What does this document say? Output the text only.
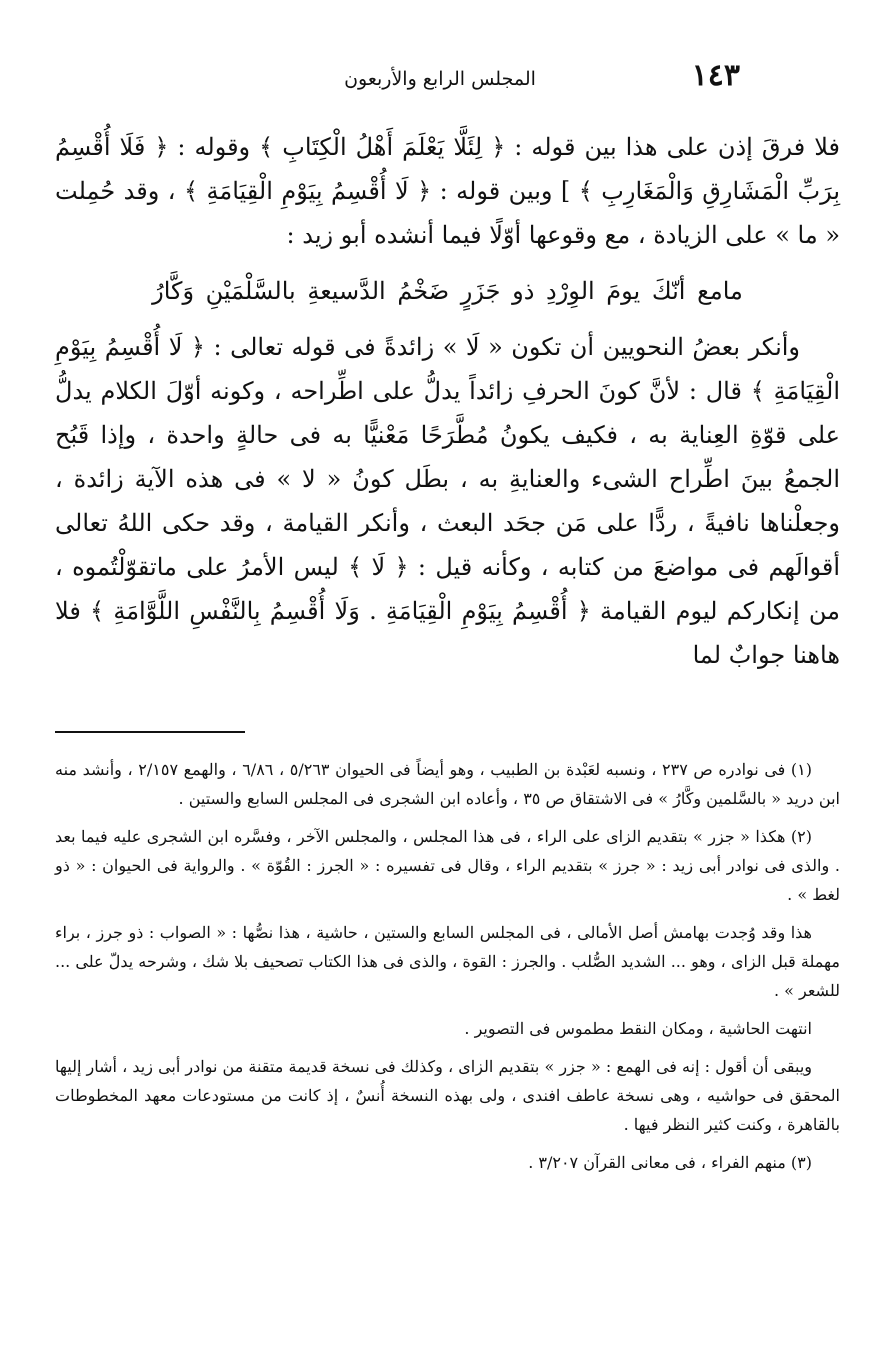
١٤٣
المجلس الرابع والأربعون

فلا فرقَ إذن على هذا بين قوله : ﴿ لِئَلَّا يَعْلَمَ أَهْلُ الْكِتَابِ ﴾ وقوله : ﴿ فَلَا أُقْسِمُ بِرَبِّ الْمَشَارِقِ وَالْمَغَارِبِ ﴾ ] وبين قوله : ﴿ لَا أُقْسِمُ بِيَوْمِ الْقِيَامَةِ ﴾ ، وقد حُمِلت « ما » على الزيادة ، مع وقوعها أوّلًا فيما أنشده أبو زيد :

مامع أنّكَ يومَ الوِرْدِ ذو جَزَرٍ ضَخْمُ الدَّسيعةِ بالسَّلْمَيْنِ وَكَّارُ

وأنكر بعضُ النحويين أن تكون « لَا » زائدةً فى قوله تعالى : ﴿ لَا أُقْسِمُ بِيَوْمِ الْقِيَامَةِ ﴾ قال : لأنَّ كونَ الحرفِ زائداً يدلُّ على اطِّراحه ، وكونه أوّلَ الكلام يدلُّ على قوّةِ العِناية به ، فكيف يكونُ مُطَّرَحًا مَعْنيًّا به فى حالةٍ واحدة ، وإذا قَبُح الجمعُ بينَ اطِّراح الشىء والعنايةِ به ، بطَل كونُ « لا » فى هذه الآية زائدة ، وجعلْناها نافيةً ، ردًّا على مَن جحَد البعث ، وأنكر القيامة ، وقد حكى اللهُ تعالى أقوالَهم فى مواضعَ من كتابه ، وكأنه قيل : ﴿ لَا ﴾ ليس الأمرُ على ماتقوّلْتُموه ، من إنكاركم ليوم القيامة ﴿ أُقْسِمُ بِيَوْمِ الْقِيَامَةِ . وَلَا أُقْسِمُ بِالنَّفْسِ اللَّوَّامَةِ ﴾ فلا هاهنا جوابٌ لما

(١) فى نوادره ص ٢٣٧ ، ونسبه لعَبْدة بن الطبيب ، وهو أيضاً فى الحيوان ٥/٢٦٣ ، ٦/٨٦ ، والهمع ٢/١٥٧ ، وأنشد منه ابن دريد « بالسَّلمين وكَّارُ » فى الاشتقاق ص ٣٥ ، وأعاده ابن الشجرى فى المجلس السابع والستين .

(٢) هكذا « جزر » بتقديم الزاى على الراء ، فى هذا المجلس ، والمجلس الآخر ، وفسَّره ابن الشجرى عليه فيما بعد . والذى فى نوادر أبى زيد : « جرز » بتقديم الراء ، وقال فى تفسيره : « الجرز : القُوّة » . والرواية فى الحيوان : « ذو لغط » .

هذا وقد وُجدت بهامش أصل الأمالى ، فى المجلس السابع والستين ، حاشية ، هذا نصُّها : « الصواب : ذو جرز ، براء مهملة قبل الزاى ، وهو ... الشديد الصُّلب . والجرز : القوة ، والذى فى هذا الكتاب تصحيف بلا شك ، وشرحه يدلّ على ... للشعر » .

انتهت الحاشية ، ومكان النقط مطموس فى التصوير .

ويبقى أن أقول : إنه فى الهمع : « جزر » بتقديم الزاى ، وكذلك فى نسخة قديمة متقنة من نوادر أبى زيد ، أشار إليها المحقق فى حواشيه ، وهى نسخة عاطف افندى ، ولى بهذه النسخة أُنسٌ ، إذ كانت من مستودعات معهد المخطوطات بالقاهرة ، وكنت كثير النظر فيها .

(٣) منهم الفراء ، فى معانى القرآن ٣/٢٠٧ .
